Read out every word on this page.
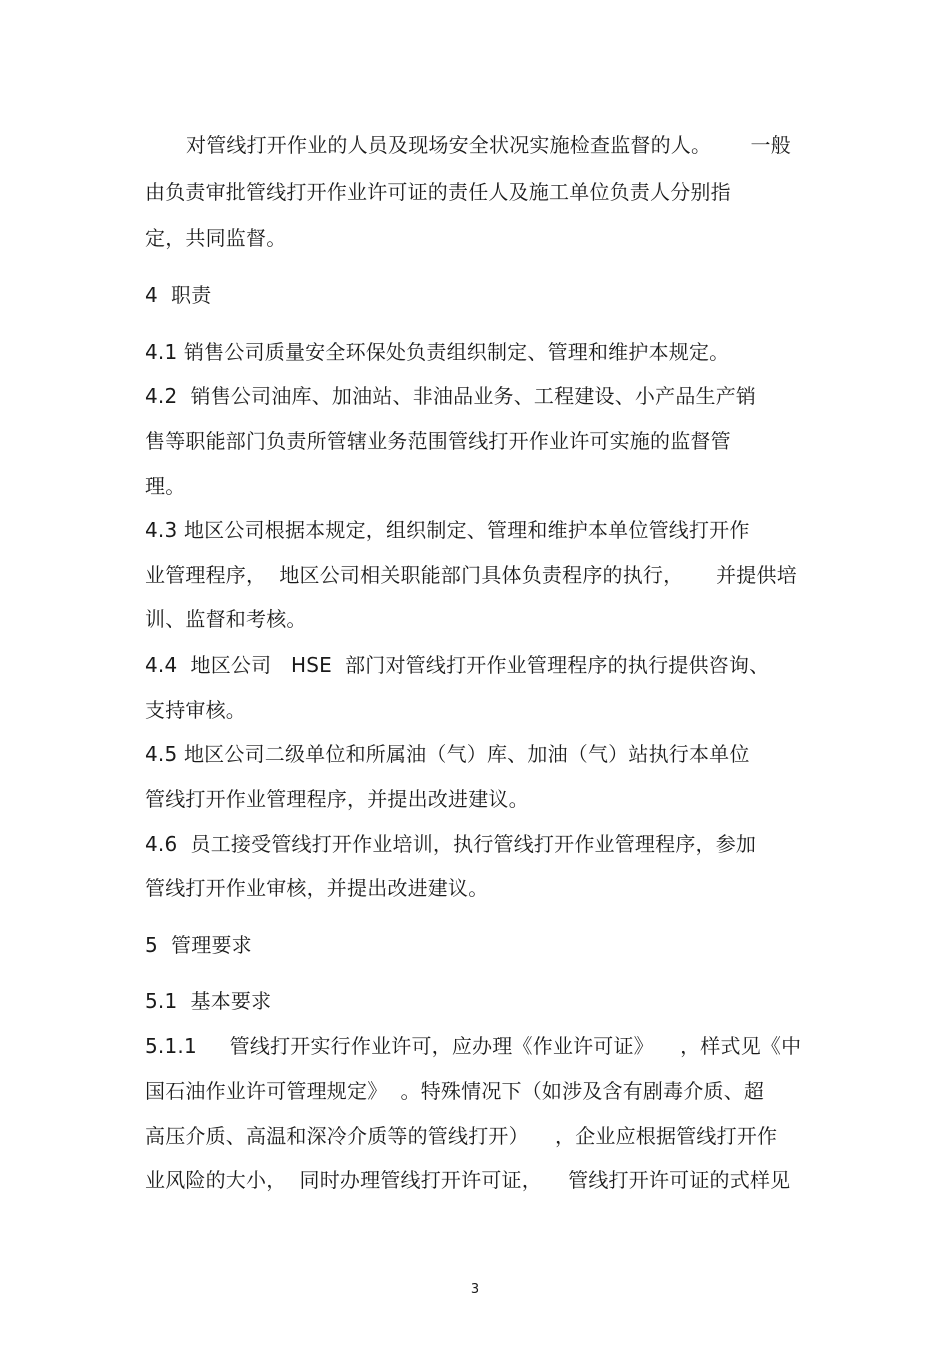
对管线打开作业的人员及现场安全状况实施检查监督的人。      一般
由负责审批管线打开作业许可证的责任人及施工单位负责人分别指
定，共同监督。
4  职责
4.1 销售公司质量安全环保处负责组织制定、管理和维护本规定。
4.2  销售公司油库、加油站、非油品业务、工程建设、小产品生产销
售等职能部门负责所管辖业务范围管线打开作业许可实施的监督管
理。
4.3 地区公司根据本规定，组织制定、管理和维护本单位管线打开作
业管理程序，  地区公司相关职能部门具体负责程序的执行，     并提供培
训、监督和考核。
4.4  地区公司   HSE  部门对管线打开作业管理程序的执行提供咨询、
支持审核。
4.5 地区公司二级单位和所属油（气）库、加油（气）站执行本单位
管线打开作业管理程序，并提出改进建议。
4.6  员工接受管线打开作业培训，执行管线打开作业管理程序，参加
管线打开作业审核，并提出改进建议。
5  管理要求
5.1  基本要求
5.1.1     管线打开实行作业许可，应办理《作业许可证》    ，样式见《中
国石油作业许可管理规定》  。特殊情况下（如涉及含有剧毒介质、超
高压介质、高温和深冷介质等的管线打开）    ，企业应根据管线打开作
业风险的大小，  同时办理管线打开许可证，    管线打开许可证的式样见
3
